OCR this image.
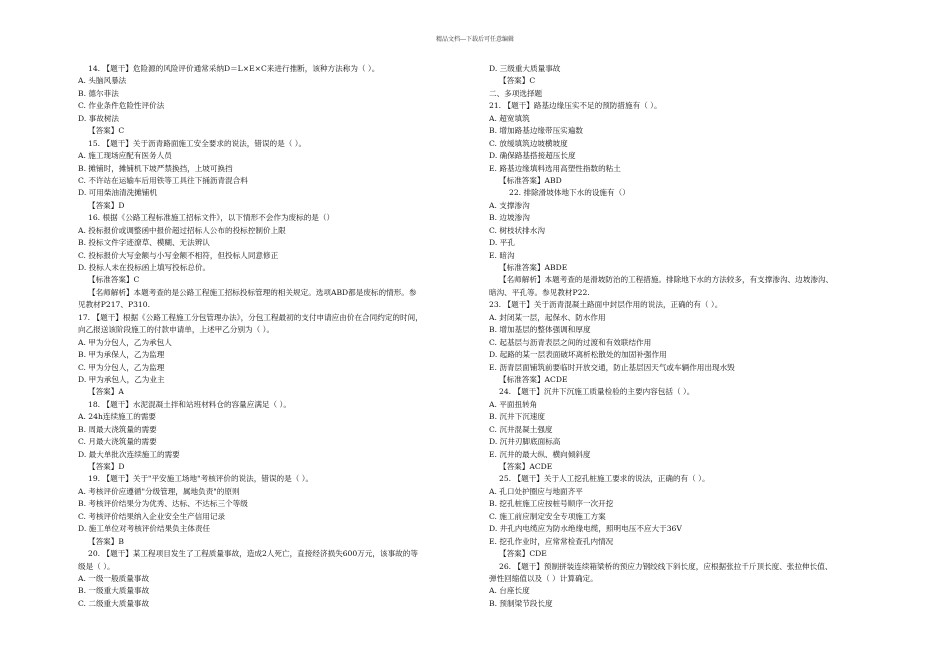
精品文档---下载后可任意编辑
14. 【题干】危险源的风险评价通常采纳D＝L×E×C来进行推断，该种方法称为（ ）。
A. 头脑风暴法
B. 德尔菲法
C. 作业条件危险性评价法
D. 事故树法
【答案】C
15. 【题干】关于沥青路面施工安全要求的说法，错误的是（ ）。
A. 施工现场应配有医务人员
B. 摊铺时，摊铺机下坡严禁换挡，上坡可换挡
C. 不许站在运输车后用铁等工具往下捅沥青混合料
D. 可用柴油清洗摊铺机
【答案】D
16. 根据《公路工程标准施工招标文件》，以下情形不会作为废标的是（）
A. 投标报价或调整函中报价超过招标人公布的投标控制价上限
B. 投标文件字迹潦草、模糊、无法辨认
C. 投标报价大写金额与小写金额不相符，但投标人同意修正
D. 投标人未在投标函上填写投标总价。
【标准答案】C
【名师解析】本题考查的是公路工程施工招标投标管理的相关规定。选项ABD都是废标的情形。参
见教材P217、P310.
17. 【题干】根据《公路工程施工分包管理办法》，分包工程最初的支付申请应由价在合同约定的时间，
向乙报送该阶段施工的付款申请单，上述甲乙分别为（ ）。
A. 甲为分包人，乙为承包人
B. 甲为承保人，乙为监理
C. 甲为分包人，乙为监理
D. 甲为承包人，乙为业主
【答案】A
18. 【题干】水泥混凝土拌和站班材料仓的容量应满足（ ）。
A. 24h连续施工的需要
B. 周最大浇筑量的需要
C. 月最大浇筑量的需要
D. 最大单批次连续施工的需要
【答案】D
19. 【题干】关于"平安施工场地"考核评价的说法，错误的是（ ）。
A. 考核评价应遵循"分级管理，属地负责"的原则
B. 考核评价结果分为优秀、达标、不达标三个等级
C. 考核评价结果纳入企业安全生产信用记录
D. 施工单位对考核评价结果负主体责任
【答案】B
20. 【题干】某工程项目发生了工程质量事故，造成2人死亡，直接经济损失600万元，该事故的等
级是（ ）。
A. 一级一般质量事故
B. 一级重大质量事故
C. 二级重大质量事故
D. 三级重大质量事故
【答案】C
二、多项选择题
21. 【题干】路基边缘压实不足的预防措施有（ ）。
A. 超宽填筑
B. 增加路基边缘带压实遍数
C. 放缓填筑边坡横坡度
D. 确保路基搭接超压长度
E. 路基边缘填料选用高塑性指数的粘土
【标准答案】ABD
22. 排除滑坡体地下水的设施有（）
A. 支撑渗沟
B. 边坡渗沟
C. 树枝状排水沟
D. 平孔
E. 暗沟
【标准答案】ABDE
【名师解析】本题考查的是滑坡防治的工程措施。排除地下水的方法较多，有支撑渗沟、边坡渗沟、
暗沟、平孔等。参见教材P22.
23. 【题干】关于沥青混凝土路面中封层作用的说法，正确的有（ ）。
A. 封闭某一层，起保水、防水作用
B. 增加基层的整体强调和厚度
C. 起基层与沥青表层之间的过渡和有效联结作用
D. 起路的某一层表面破坏离析松散处的加固补强作用
E. 沥青层面铺筑前要临时开放交通，防止基层因天气或车辆作用出现水毁
【标准答案】ACDE
24. 【题干】沉井下沉施工质量检验的主要内容包括（ ）。
A. 平面扭转角
B. 沉井下沉速度
C. 沉井混凝土强度
D. 沉井刃脚底面标高
E. 沉井的最大纵、横向倾斜度
【答案】ACDE
25. 【题干】关于人工挖孔桩施工要求的说法，正确的有（ ）。
A. 孔口处护圈应与地面齐平
B. 挖孔桩施工应按桩号顺序一次开挖
C. 施工前应制定安全专项施工方案
D. 井孔内电缆应为防水绝缘电缆，照明电压不应大于36V
E. 挖孔作业时，应常常检查孔内情况
【答案】CDE
26. 【题干】预制拼装连续箱梁桥的预应力钢绞线下斜长度，应根据张拉千斤顶长度、张拉伸长值、
弹性回缩值以及（ ）计算确定。
A. 台座长度
B. 预制梁节段长度
